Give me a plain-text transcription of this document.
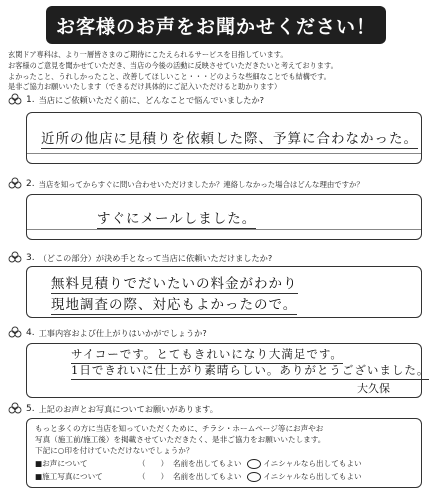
お客様のお声をお聞かせください！
玄関ドア専科は、より一層皆さまのご期待にこたえられるサービスを目指しています。
お客様のご意見を聞かせていただき、当店の今後の活動に反映させていただきたいと考えております。
よかったこと、うれしかったこと、改善してほしいこと・・・どのような些細なことでも結構です。
是非ご協力お願いいたします（できるだけ具体的にご記入いただけると助かります）
1. 当店にご依頼いただく前に、どんなことで悩んでいましたか?
近所の他店に見積りを依頼した際、予算に合わなかった。
2. 当店を知ってからすぐに問い合わせいただけましたか？連絡しなかった場合はどんな理由ですか？
すぐにメールしました。
3. （どこの部分）が決め手となって当店に依頼いただけましたか?
無料見積りでだいたいの料金がわかり
現地調査の際、対応もよかったので。
4. 工事内容および仕上がりはいかがでしょうか?
サイコーです。とてもきれいになり大満足です。
1日できれいに仕上がり素晴らしい。ありがとうございました。
大久保
5. 上記のお声とお写真についてお願いがあります。
もっと多くの方に当店を知っていただくために、チラシ・ホームページ等にお声やお
写真（施工前/施工後）を掲載させていただきたく、是非ご協力をお願いいたします。
下記に○印を付けていただけないでしょうか？
■お声について	（　　） 名前を出してもよい	イニシャルなら出してもよい
■施工写真について	（　　） 名前を出してもよい	イニシャルなら出してもよい
